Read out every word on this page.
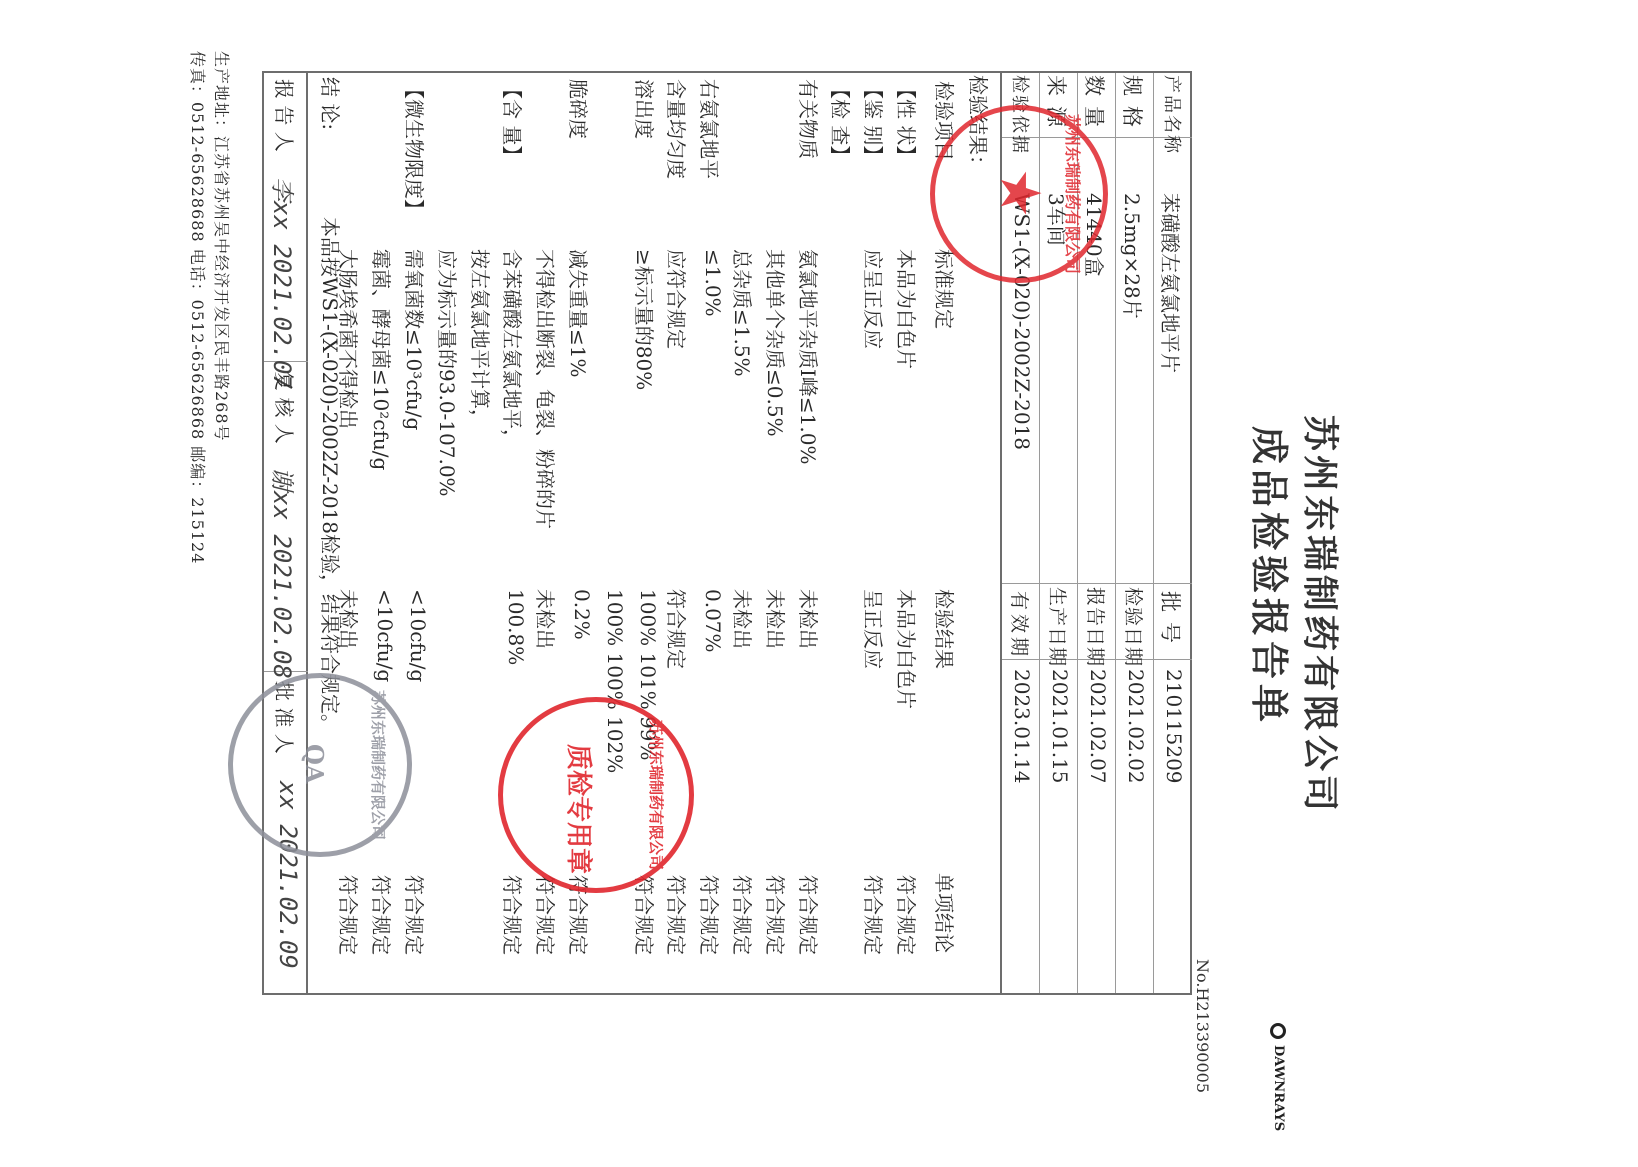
苏州东瑞制药有限公司
成品检验报告单
No.H213390005	DAWNRAYS
产品名称
苯磺酸左氨氯地平片
批号
210115209
规格
2.5mg×28片
检验日期
2021.02.02
数量
41440盒
报告日期
2021.02.07
来源
3车间
生产日期
2021.01.15
检验依据
WS1-(X-020)-2002Z-2018
有效期
2023.01.14
检验结果：
检验项目
标准规定
检验结果
单项结论
【性 状】
本品为白色片
本品为白色片
符合规定
【鉴 别】
应呈正反应
呈正反应
符合规定
【检 查】
有关物质
氨氯地平杂质Ⅰ峰≤1.0%
未检出
符合规定
其他单个杂质≤0.5%
未检出
符合规定
总杂质≤1.5%
未检出
符合规定
右氨氯地平
≤1.0%
0.07%
符合规定
含量均匀度
应符合规定
符合规定
符合规定
溶出度
≥标示量的80%
100% 101% 99%
符合规定
100% 100% 102%
脆碎度
减失重量≤1%
0.2%
符合规定
不得检出断裂、龟裂、粉碎的片
未检出
符合规定
【含 量】
含苯磺酸左氨氯地平，
100.8%
符合规定
按左氨氯地平计算，
应为标示量的93.0-107.0%
【微生物限度】
需氧菌数≤10³cfu/g
<10cfu/g
符合规定
霉菌、酵母菌≤10²cfu/g
<10cfu/g
符合规定
大肠埃希菌不得检出
未检出
符合规定
结 论:
本品按WS1-(X-020)-2002Z-2018检验，结果符合规定。
报 告 人
李xx 2021.02.07
复 核 人
谢xx 2021.02.08
批 准 人
xx 2021.02.09
生产地址：江苏省苏州吴中经济开发区民丰路268号
传真：0512-65628688 电话：0512-65626868 邮编：215124	苏州东瑞制药有限公司
★
苏州东瑞制药有限公司
质检专用章
苏州东瑞制药有限公司
QA
